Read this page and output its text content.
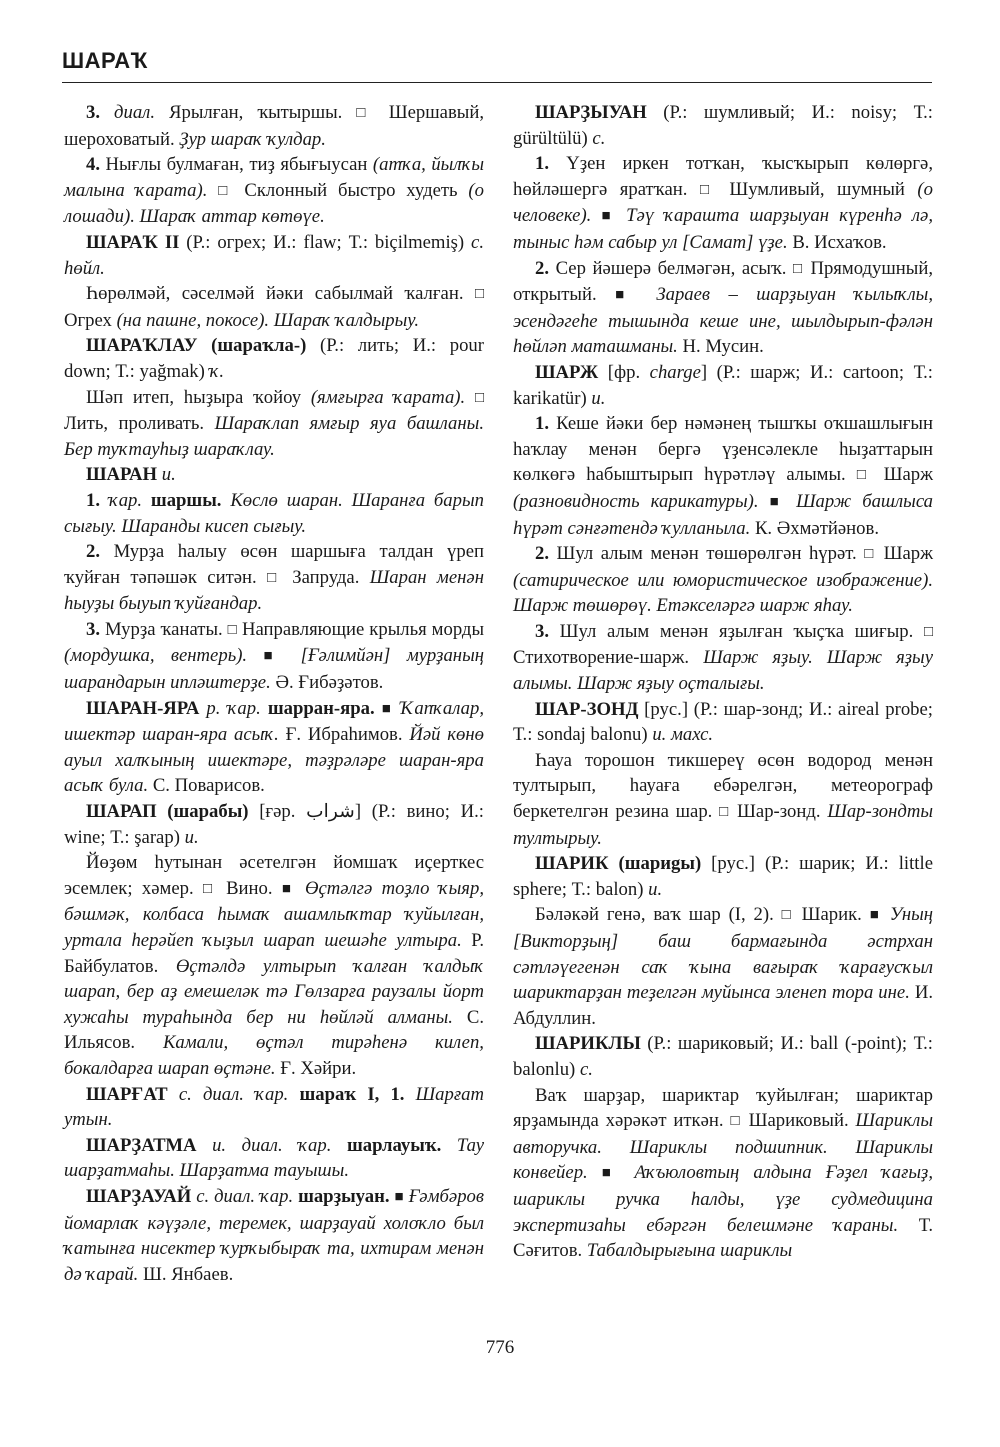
ШАРАҠ

3. диал. Ярылған, ҡытыршы. □ Шершавый, шероховатый. Ҙур шараҡ ҡулдар.

4. Нығлы булмаған, тиҙ ябығыусан (атҡа, йылҡы малына ҡарата). □ Склонный быстро худеть (о лошади). Шараҡ аттар көтөүе.

ШАРАҠ II (Р.: огрех; И.: flaw; Т.: biçilmemiş) с. һөйл.

Һөрөлмәй, сәселмәй йәки сабылмай ҡалған. □ Огрех (на пашне, покосе). Шараҡ ҡалдырыу.

ШАРАҠЛАУ (шараҡла-) (Р.: лить; И.: pour down; Т.: yağmak) ҡ.

Шәп итеп, һыҙыра ҡойоу (ямғырға ҡарата). □ Лить, проливать. Шараҡлап ямғыр яуа башланы. Бер туҡтауһыҙ шараҡлау.

ШАРАН и.

1. ҡар. шаршы. Көслө шаран. Шаранға барып сығыу. Шаранды кисеп сығыу.

2. Мурҙа һалыу өсөн шаршыға талдан үреп ҡуйған тәпәшәк ситән. □ Запруда. Шаран менән һыуҙы быуып ҡуйғандар.

3. Мурҙа ҡанаты. □ Направляющие крылья морды (мордушка, вентерь). ■ [Ғәлимйән] мурҙаның шарандарын ипләштерҙе. Ә. Ғибәҙәтов.

ШАРАН-ЯРА р. ҡар. шарран-яра. ■ Ҡапҡалар, ишектәр шаран-яра асыҡ. Ғ. Ибраһимов. Йәй көнө ауыл халҡының ишектәре, тәҙрәләре шаран-яра асыҡ була. С. Поварисов.

ШАРАП (шарабы) [ғәр. شراب] (Р.: вино; И.: wine; Т.: şarap) и.

Йөҙөм һутынан әсетелгән йомшаҡ иҫерткес эсемлек; хәмер. □ Вино. ■ Өҫтәлгә тоҙло ҡыяр, бәшмәк, колбаса һымаҡ ашамлыҡтар ҡуйылған, уртала һерәйеп ҡыҙыл шарап шешәһе ултыра. Р. Байбулатов. Өҫтәлдә ултырып ҡалған ҡалдыҡ шарап, бер аҙ емешеләк тә Гөлзарға раузалы йорт хужаһы тураһында бер ни һөйләй алманы. С. Ильясов. Камали, өҫтәл тирәһенә килеп, бокалдарға шарап өҫтәне. Ғ. Хәйри.

ШАРҒАТ с. диал. ҡар. шараҡ I, 1. Шарғат утын.

ШАРҘАТМА и. диал. ҡар. шарлауыҡ. Тау шарҙатмаһы. Шарҙатма тауышы.

ШАРҘАУАЙ с. диал. ҡар. шарҙыуан. ■ Ғәмбәров йомарлаҡ кәүҙәле, теремек, шарҙауай холоҡло был ҡатынға нисектер ҡурҡыбыраҡ та, ихтирам менән дә ҡарай. Ш. Янбаев.

ШАРҘЫУАН (Р.: шумливый; И.: noisy; Т.: gürültülü) с.

1. Үҙен иркен тотҡан, ҡысҡырып көлөргә, һөйләшергә яратҡан. □ Шумливый, шумный (о человеке). ■ Тәү ҡарашта шарҙыуан күренһә лә, тыныс һәм сабыр ул [Самат] үҙе. В. Исхаҡов.

2. Сер йәшерә белмәгән, асыҡ. □ Прямодушный, открытый. ■ Зараев – шарҙыуан ҡылыҡлы, эсендәгеһе тышында кеше ине, шылдырып-фәлән һөйләп маташманы. Н. Мусин.

ШАРЖ [фр. charge] (Р.: шарж; И.: cartoon; Т.: karikatür) и.

1. Кеше йәки бер нәмәнең тышҡы оҡшашлығын һаҡлау менән бергә үҙенсәлекле һыҙаттарын көлкөгә һабыштырып һүрәтләү алымы. □ Шарж (разновидность карикатуры). ■ Шарж башлыса һүрәт сәнғәтендә ҡулланыла. К. Әхмәтйәнов.

2. Шул алым менән төшөрөлгән һүрәт. □ Шарж (сатирическое или юмористическое изображение). Шарж төшөрөү. Етәкселәргә шарж яһау.

3. Шул алым менән яҙылған ҡыҫҡа шиғыр. □ Стихотворение-шарж. Шарж яҙыу. Шарж яҙыу алымы. Шарж яҙыу оҫталығы.

ШАР-ЗОНД [рус.] (Р.: шар-зонд; И.: aireal probe; Т.: sondaj balonu) и. махс.

Һауа торошон тикшереү өсөн водород менән тултырып, һауаға ебәрелгән, метеорограф беркетелгән резина шар. □ Шар-зонд. Шар-зондты тултырыу.

ШАРИК (шариgы) [рус.] (Р.: шарик; И.: little sphere; Т.: balon) и.

Бәләкәй генә, ваҡ шар (I, 2). □ Шарик. ■ Уның [Викторҙың] баш бармағында әстрхан сәтләүегенән саҡ ҡына вағыраҡ ҡарағусҡыл шариктарҙан теҙелгән муйынса эленеп тора ине. И. Абдуллин.

ШАРИКЛЫ (Р.: шариковый; И.: ball (-point); Т.: balonlu) с.

Ваҡ шарҙар, шариктар ҡуйылған; шариктар ярҙамында хәрәкәт иткән. □ Шариковый. Шариклы авторучка. Шариклы подшипник. Шариклы конвейер. ■ Аҡъюловтың алдына Ғәҙел ҡағыҙ, шариклы ручка һалды, үҙе судмедицина экспертизаһы ебәргән белешмәне ҡараны. Т. Сәғитов. Табалдырығына шариклы

776
